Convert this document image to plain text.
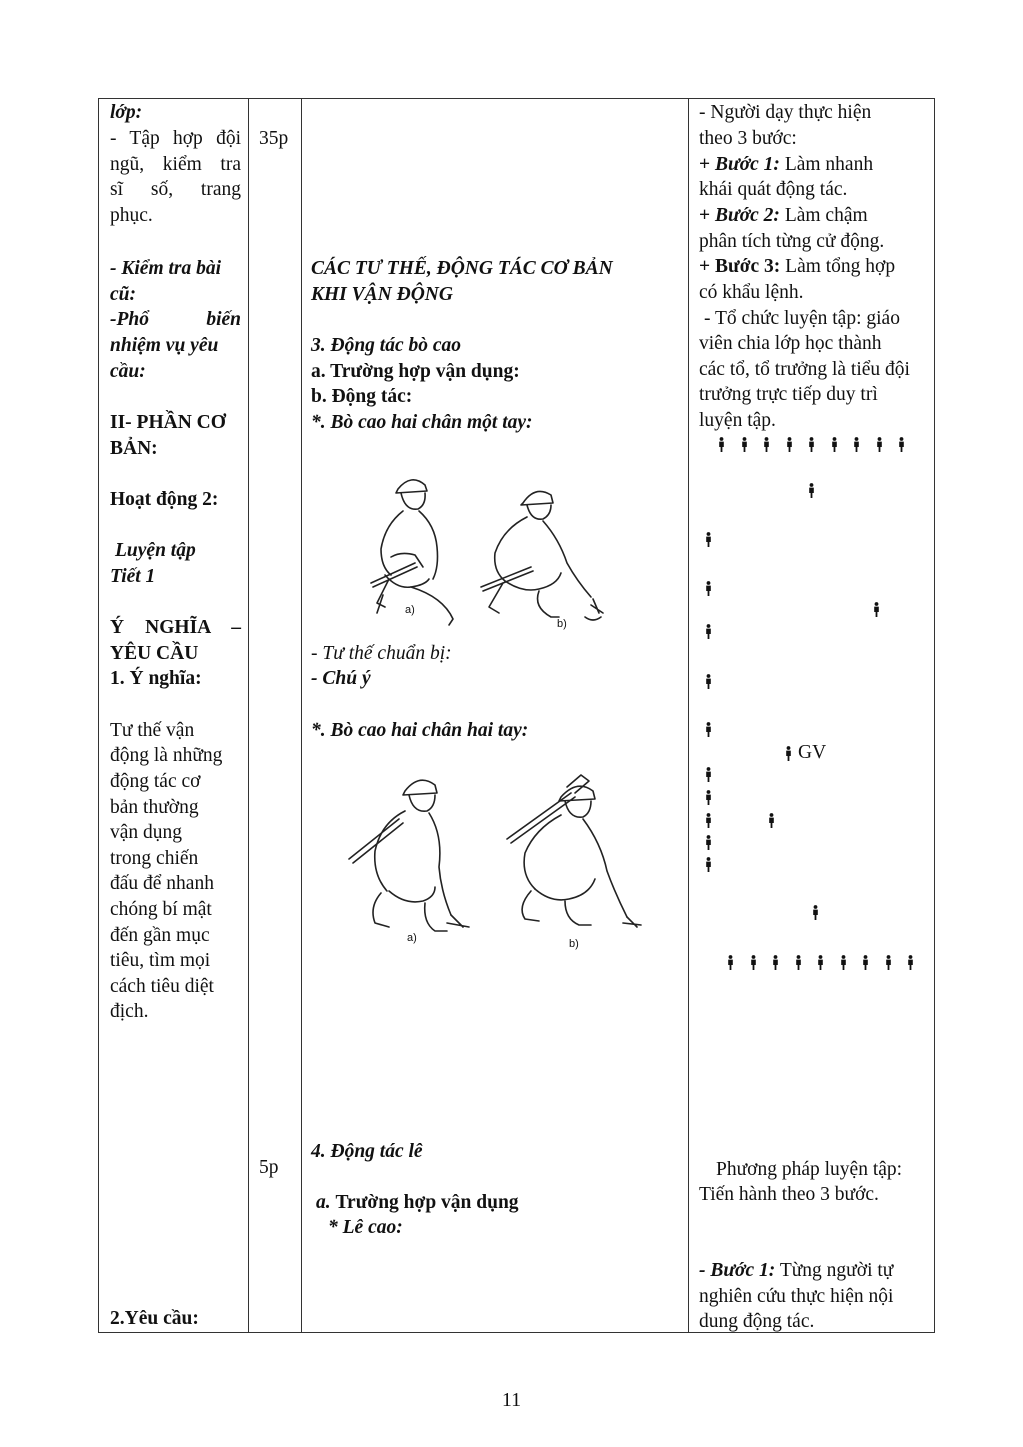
lớp:
- Tập hợp đội
ngũ, kiểm tra
sĩ số, trang
phục.
- Kiểm tra bài
cũ:
-Phổ biến
nhiệm vụ yêu
cầu:
II- PHẦN CƠ
BẢN:
Hoạt động 2:
Luyện tập
Tiết 1
Ý NGHĨA –
YÊU CẦU
1. Ý nghĩa:
Tư thế vận
động là những
động tác cơ
bản thường
vận dụng
trong chiến
đấu để nhanh
chóng bí mật
đến gần mục
tiêu, tìm mọi
cách tiêu diệt
địch.
2.Yêu cầu:
35p
5p
CÁC TƯ THẾ, ĐỘNG TÁC CƠ BẢN
KHI VẬN ĐỘNG
3. Động tác bò cao
a. Trường hợp vận dụng:
b. Động tác:
*. Bò cao hai chân một tay:
a)
b)
- Tư thế chuẩn bị:
- Chú ý
*. Bò cao hai chân hai tay:
a)	b)
4. Động tác lê
a. Trường hợp vận dụng
* Lê cao:
- Người dạy thực hiện
theo 3 bước:
+ Bước 1: Làm nhanh
khái quát động tác.
+ Bước 2: Làm chậm
phân tích từng cử động.
+ Bước 3: Làm tổng hợp
có khẩu lệnh.
- Tổ chức luyện tập: giáo
viên chia lớp học thành
các tổ, tổ trưởng là tiểu đội
trưởng trực tiếp duy trì
luyện tập.
GV
Phương pháp luyện tập:
Tiến hành theo 3 bước.
- Bước 1: Từng người tự
nghiên cứu thực hiện nội
dung động tác.
11
